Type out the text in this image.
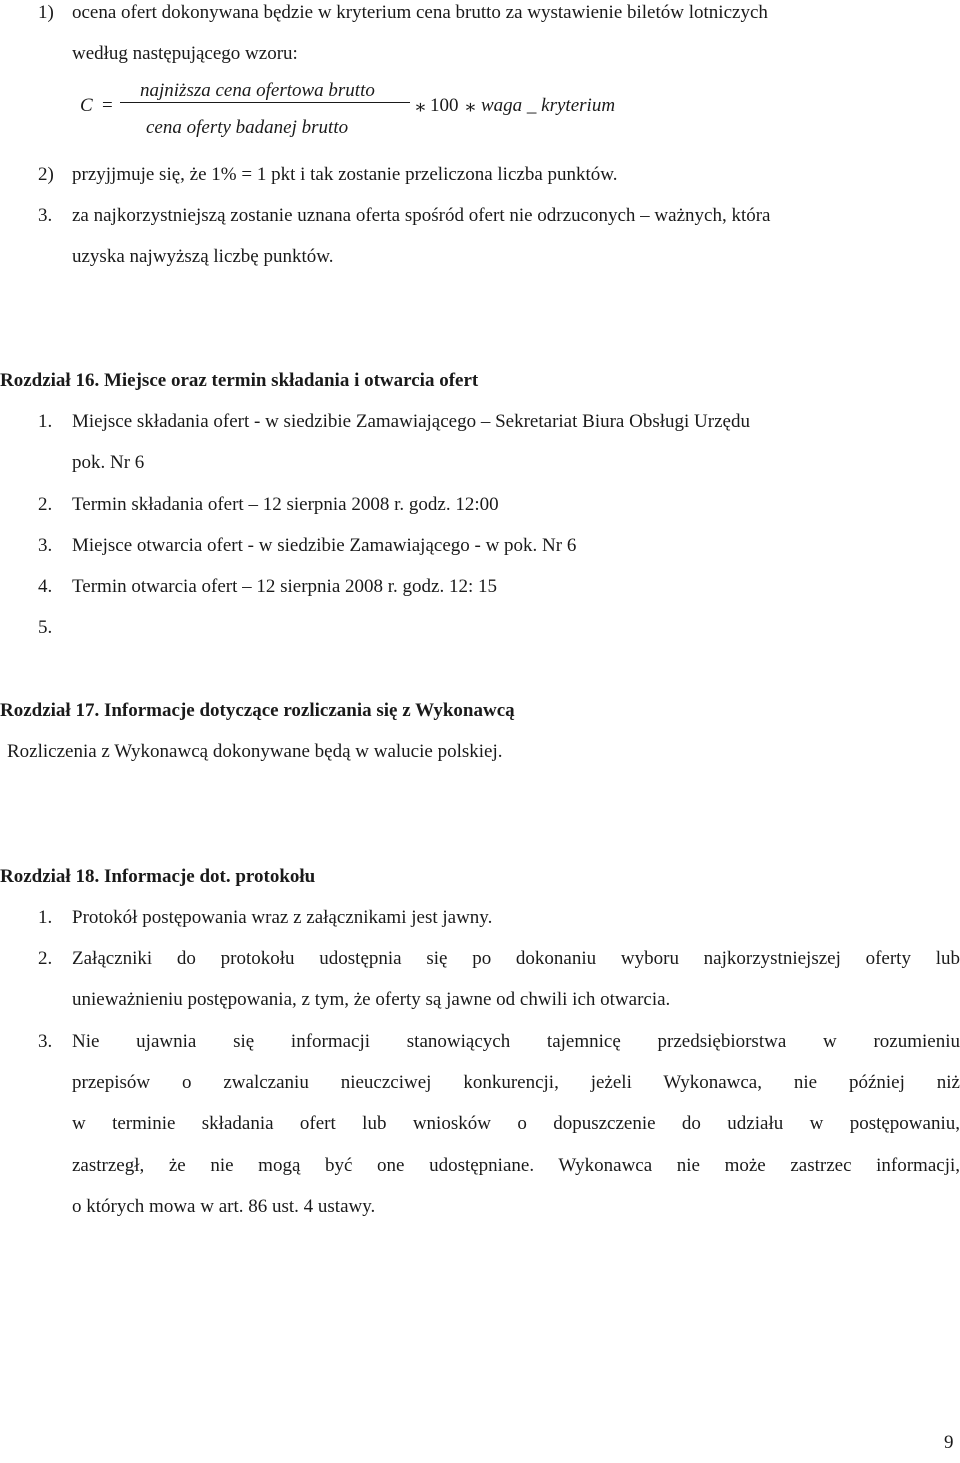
1) ocena ofert dokonywana będzie w kryterium cena brutto za wystawienie biletów lotniczych
według następującego wzoru:
C =
najniższa cena ofertowa brutto
cena oferty badanej brutto
∗ 100 ∗ waga _ kryterium
2) przyjjmuje się, że 1% = 1 pkt i tak zostanie przeliczona liczba punktów.
3. za najkorzystniejszą zostanie uznana oferta spośród ofert nie odrzuconych – ważnych, która
uzyska najwyższą liczbę punktów.
Rozdział 16. Miejsce oraz termin składania i otwarcia ofert
1. Miejsce składania ofert - w siedzibie Zamawiającego – Sekretariat Biura Obsługi Urzędu
pok. Nr 6
2. Termin składania ofert – 12 sierpnia 2008 r. godz. 12:00
3. Miejsce otwarcia ofert - w siedzibie Zamawiającego - w pok. Nr 6
4. Termin otwarcia ofert – 12 sierpnia 2008 r. godz. 12: 15
5.
Rozdział 17. Informacje dotyczące rozliczania się z Wykonawcą
Rozliczenia z Wykonawcą dokonywane będą w walucie polskiej.
Rozdział 18. Informacje dot. protokołu
1. Protokół postępowania wraz z załącznikami jest jawny.
2. Załączniki do protokołu udostępnia się po dokonaniu wyboru najkorzystniejszej oferty lub
unieważnieniu postępowania, z tym, że oferty są jawne od chwili ich otwarcia.
3. Nie ujawnia się informacji stanowiących tajemnicę przedsiębiorstwa w rozumieniu
przepisów o zwalczaniu nieuczciwej konkurencji, jeżeli Wykonawca, nie później niż
w terminie składania ofert lub wniosków o dopuszczenie do udziału w postępowaniu,
zastrzegł, że nie mogą być one udostępniane. Wykonawca nie może zastrzec informacji,
o których mowa w art. 86 ust. 4 ustawy.
9
